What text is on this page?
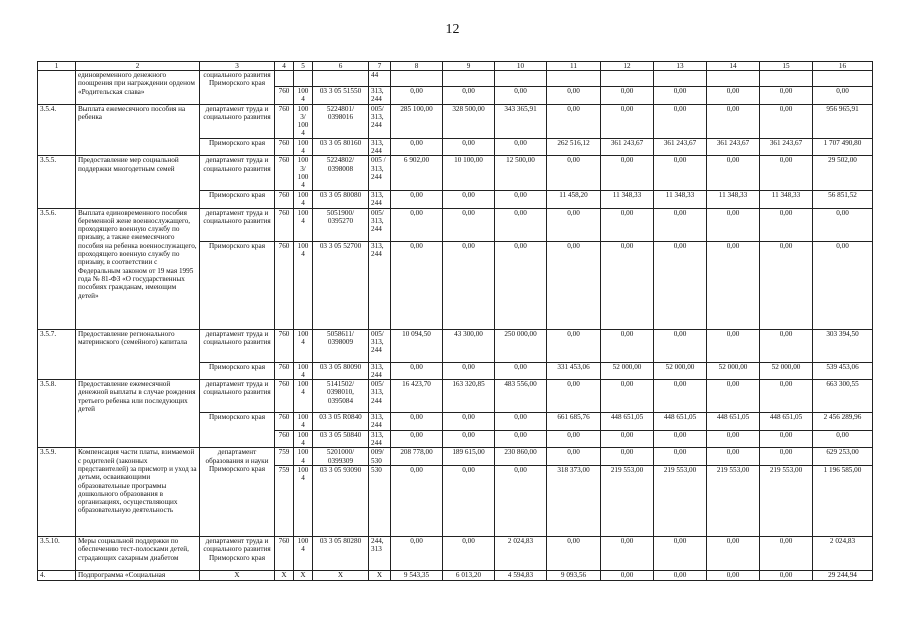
12
1	2	3	4	5	6	7	8	9	10	11	12	13	14	15	16
	единовременного денежного поощрения при награждении орденом «Родительская слава»	социального развития Приморского края				44									
			760	1004	03 3 05 51550	313, 244	0,00	0,00	0,00	0,00	0,00	0,00	0,00	0,00	0,00
3.5.4.	Выплата ежемесячного пособия на ребенка	департамент труда и социального развития	760	1003/ 1004	5224801/ 0398016	005/ 313, 244	285 100,00	328 500,00	343 365,91	0,00	0,00	0,00	0,00	0,00	956 965,91
		Приморского края	760	1004	03 3 05 80160	313, 244	0,00	0,00	0,00	262 516,12	361 243,67	361 243,67	361 243,67	361 243,67	1 707 490,80
3.5.5.	Предоставление мер социальной поддержки многодетным семей	департамент труда и социального развития	760	1003/ 1004	5224802/ 0398008	005 / 313, 244	6 902,00	10 100,00	12 500,00	0,00	0,00	0,00	0,00	0,00	29 502,00
		Приморского края	760	1004	03 3 05 80080	313, 244	0,00	0,00	0,00	11 458,20	11 348,33	11 348,33	11 348,33	11 348,33	56 851,52
3.5.6.	Выплата единовременного пособия беременной жене военнослужащего, проходящего военную службу по призыву, а также ежемесячного пособия на ребенка военнослужащего, проходящего военную службу по призыву, в соответствии с Федеральным законом от 19 мая 1995 года № 81-ФЗ «О государственных пособиях гражданам, имеющим детей»	департамент труда и социального развития	760	1004	5051900/ 0395270	005/ 313, 244	0,00	0,00	0,00	0,00	0,00	0,00	0,00	0,00	0,00
		Приморского края	760	1004	03 3 05 52700	313, 244	0,00	0,00	0,00	0,00	0,00	0,00	0,00	0,00	0,00
3.5.7.	Предоставление регионального материнского (семейного) капитала	департамент труда и социального развития	760	1004	5058611/ 0398009	005/ 313, 244	10 094,50	43 300,00	250 000,00	0,00	0,00	0,00	0,00	0,00	303 394,50
		Приморского края	760	1004	03 3 05 80090	313, 244	0,00	0,00	0,00	331 453,06	52 000,00	52 000,00	52 000,00	52 000,00	539 453,06
3.5.8.	Предоставление ежемесячной денежной выплаты в случае рождения третьего ребенка или последующих детей	департамент труда и социального развития	760	1004	5141502/ 0398010, 0395084	005/ 313, 244	16 423,70	163 320,85	483 556,00	0,00	0,00	0,00	0,00	0,00	663 300,55
		Приморского края	760	1004	03 3 05 R0840	313, 244	0,00	0,00	0,00	661 685,76	448 651,05	448 651,05	448 651,05	448 651,05	2 456 289,96
			760	1004	03 3 05 50840	313, 244	0,00	0,00	0,00	0,00	0,00	0,00	0,00	0,00	0,00
3.5.9.	Компенсация части платы, взимаемой с родителей (законных представителей) за присмотр и уход за детьми, осваивающими образовательные программы дошкольного образования в организациях, осуществляющих образовательную деятельность	департамент образования и науки Приморского края	759	1004	5201000/ 0399309	009/ 530	208 778,00	189 615,00	230 860,00	0,00	0,00	0,00	0,00	0,00	629 253,00
			759	1004	03 3 05 93090	530	0,00	0,00	0,00	318 373,00	219 553,00	219 553,00	219 553,00	219 553,00	1 196 585,00
3.5.10.	Меры социальной поддержки по обеспечению тест-полосками детей, страдающих сахарным диабетом	департамент труда и социального развития Приморского края	760	1004	03 3 05 80280	244, 313	0,00	0,00	2 024,83	0,00	0,00	0,00	0,00	0,00	2 024,83
4.	Подпрограмма «Социальная	X	X	X	X	X	9 543,35	6 013,20	4 594,83	9 093,56	0,00	0,00	0,00	0,00	29 244,94
